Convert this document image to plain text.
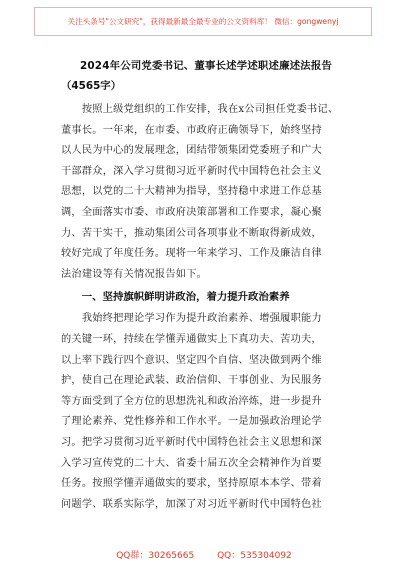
关注头条号"公文研究"，获得最新最全最专业的公文资料库！ 微信：gongwenyj
2024年公司党委书记、董事长述学述职述廉述法报告
（4565字）
　　按照上级党组织的工作安排，我在x公司担任党委书记、
董事长。一年来，在市委、市政府正确领导下，始终坚持
以人民为中心的发展理念，团结带领集团党委班子和广大
干部群众，深入学习贯彻习近平新时代中国特色社会主义
思想，以党的二十大精神为指导，坚持稳中求进工作总基
调，全面落实市委、市政府决策部署和工作要求，凝心聚
力、苦干实干，推动集团公司各项事业不断取得新成效，
较好完成了年度任务。现将一年来学习、工作及廉洁自律
法治建设等有关情况报告如下。
　　一、坚持旗帜鲜明讲政治，着力提升政治素养
　　我始终把理论学习作为提升政治素养、增强履职能力
的关键一环，持续在学懂弄通做实上下真功夫、苦功夫，
以上率下践行四个意识、坚定四个自信、坚决做到两个维
护，使自己在理论武装、政治信仰、干事创业、为民服务
等方面受到了全方位的思想洗礼和政治淬炼，进一步提升
了理论素养、党性修养和工作水平。一是加强政治理论学
习。把学习贯彻习近平新时代中国特色社会主义思想和深
入学习宣传党的二十大、省委十届五次全会精神作为首要
任务。按照学懂弄通做实的要求，坚持原原本本学、带着
问题学、联系实际学，加深了对习近平新时代中国特色社
QQ群：30265665	QQ：535304092
